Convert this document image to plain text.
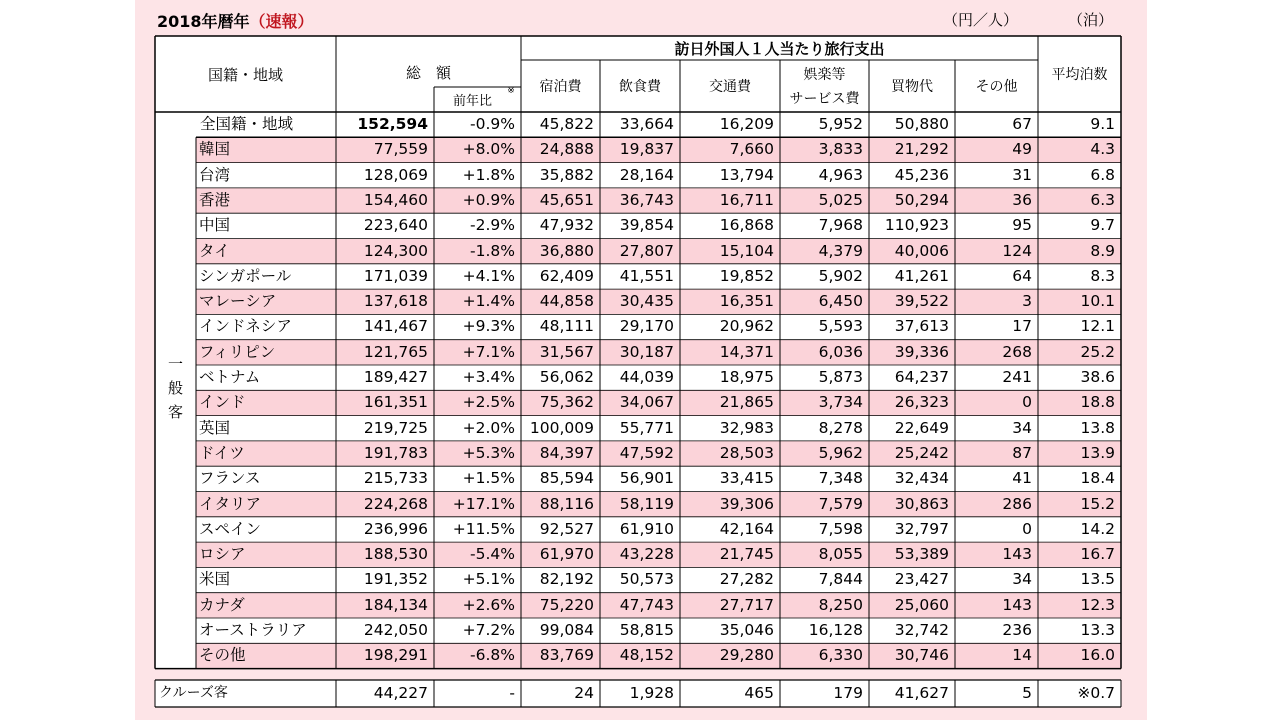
2018年暦年（速報）	（円／人）	（泊）
国籍・地域	総　額
前年比
※
訪日外国人１人当たり旅行支出
宿泊費	飲食費	交通費
娯楽等
サービス費
買物代	その他
平均泊数
一
般
客
全国籍・地域	152,594	-0.9%	45,822	33,664	16,209	5,952	50,880	67	9.1
韓国	77,559	+8.0%	24,888	19,837	7,660	3,833	21,292	49	4.3
台湾	128,069	+1.8%	35,882	28,164	13,794	4,963	45,236	31	6.8
香港	154,460	+0.9%	45,651	36,743	16,711	5,025	50,294	36	6.3
中国	223,640	-2.9%	47,932	39,854	16,868	7,968	110,923	95	9.7
タイ	124,300	-1.8%	36,880	27,807	15,104	4,379	40,006	124	8.9
シンガポール	171,039	+4.1%	62,409	41,551	19,852	5,902	41,261	64	8.3
マレーシア	137,618	+1.4%	44,858	30,435	16,351	6,450	39,522	3	10.1
インドネシア	141,467	+9.3%	48,111	29,170	20,962	5,593	37,613	17	12.1
フィリピン	121,765	+7.1%	31,567	30,187	14,371	6,036	39,336	268	25.2
ベトナム	189,427	+3.4%	56,062	44,039	18,975	5,873	64,237	241	38.6
インド	161,351	+2.5%	75,362	34,067	21,865	3,734	26,323	0	18.8
英国	219,725	+2.0% 100,009	55,771	32,983	8,278	22,649	34	13.8
ドイツ	191,783	+5.3%	84,397	47,592	28,503	5,962	25,242	87	13.9
フランス	215,733	+1.5%	85,594	56,901	33,415	7,348	32,434	41	18.4
イタリア	224,268	+17.1%	88,116	58,119	39,306	7,579	30,863	286	15.2
スペイン	236,996	+11.5%	92,527	61,910	42,164	7,598	32,797	0	14.2
ロシア	188,530	-5.4%	61,970	43,228	21,745	8,055	53,389	143	16.7
米国	191,352	+5.1%	82,192	50,573	27,282	7,844	23,427	34	13.5
カナダ	184,134	+2.6%	75,220	47,743	27,717	8,250	25,060	143	12.3
オーストラリア	242,050	+7.2%	99,084	58,815	35,046	16,128	32,742	236	13.3
その他	198,291	-6.8%	83,769	48,152	29,280	6,330	30,746	14	16.0
クルーズ客	44,227	-	24	1,928	465	179	41,627	5	※0.7
